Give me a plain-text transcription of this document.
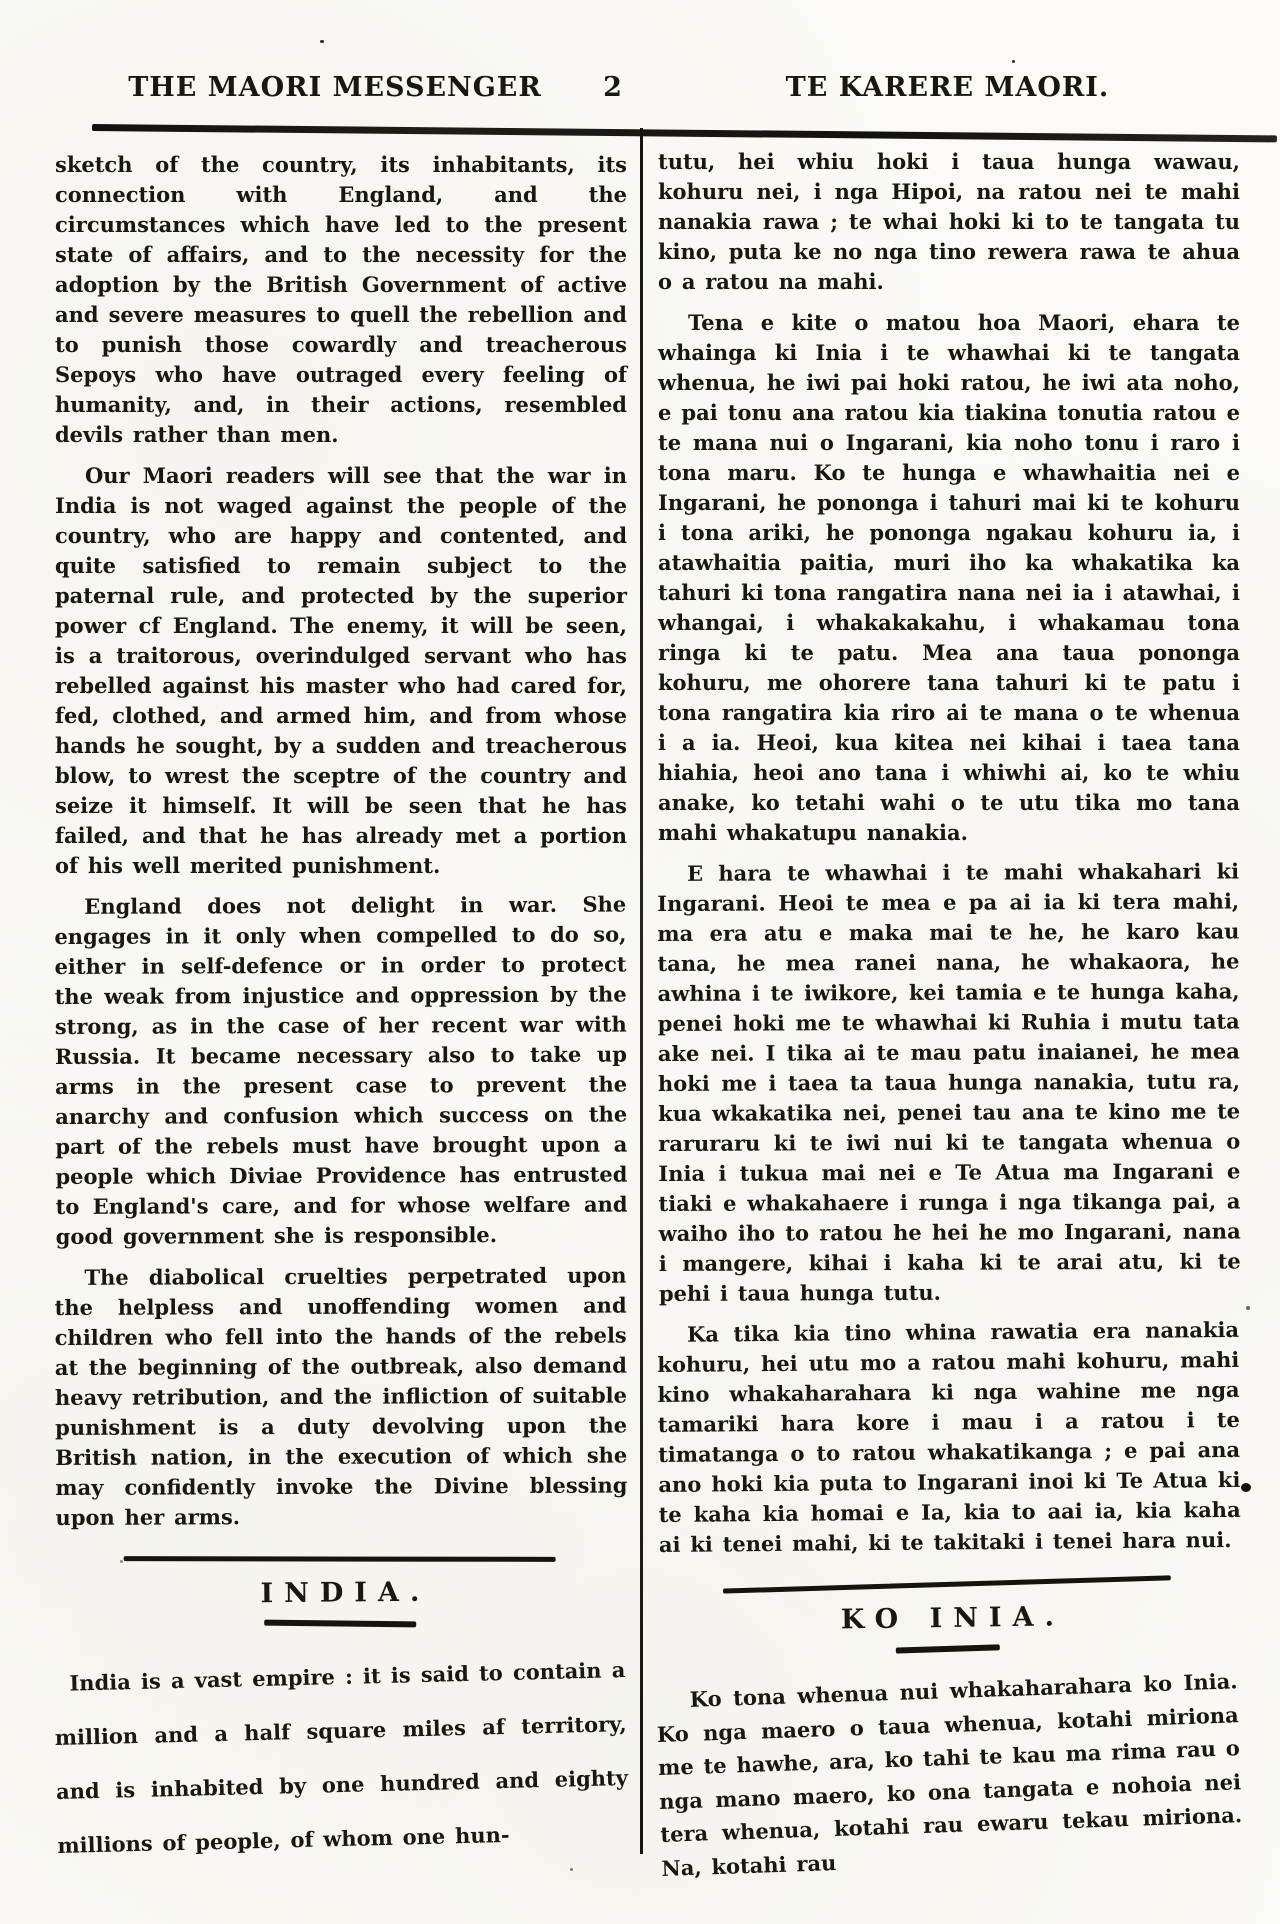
THE MAORI MESSENGER	2	TE KARERE MAORI.

sketch of the country, its inhabitants, its connection with England, and the circumstances which have led to the present state of affairs, and to the necessity for the adoption by the British Government of active and severe measures to quell the rebellion and to punish those cowardly and treacherous Sepoys who have outraged every feeling of humanity, and, in their actions, resembled devils rather than men.

Our Maori readers will see that the war in India is not waged against the people of the country, who are happy and contented, and quite satisfied to remain subject to the paternal rule, and protected by the superior power cf England. The enemy, it will be seen, is a traitorous, overindulged servant who has rebelled against his master who had cared for, fed, clothed, and armed him, and from whose hands he sought, by a sudden and treacherous blow, to wrest the sceptre of the country and seize it himself. It will be seen that he has failed, and that he has already met a portion of his well merited punishment.

England does not delight in war. She engages in it only when compelled to do so, either in self-defence or in order to protect the weak from injustice and oppression by the strong, as in the case of her recent war with Russia. It became necessary also to take up arms in the present case to prevent the anarchy and confusion which success on the part of the rebels must have brought upon a people which Diviae Providence has entrusted to England's care, and for whose welfare and good government she is responsible.

The diabolical cruelties perpetrated upon the helpless and unoffending women and children who fell into the hands of the rebels at the beginning of the outbreak, also demand heavy retribution, and the infliction of suitable punishment is a duty devolving upon the British nation, in the execution of which she may confidently invoke the Divine blessing upon her arms.

INDIA.

India is a vast empire : it is said to contain a million and a half square miles af territory, and is inhabited by one hundred and eighty millions of people, of whom one hun-

tutu, hei whiu hoki i taua hunga wawau, kohuru nei, i nga Hipoi, na ratou nei te mahi nanakia rawa ; te whai hoki ki to te tangata tu kino, puta ke no nga tino rewera rawa te ahua o a ratou na mahi.

Tena e kite o matou hoa Maori, ehara te whainga ki Inia i te whawhai ki te tangata whenua, he iwi pai hoki ratou, he iwi ata noho, e pai tonu ana ratou kia tiakina tonutia ratou e te mana nui o Ingarani, kia noho tonu i raro i tona maru. Ko te hunga e whawhaitia nei e Ingarani, he pononga i tahuri mai ki te kohuru i tona ariki, he pononga ngakau kohuru ia, i atawhaitia paitia, muri iho ka whakatika ka tahuri ki tona rangatira nana nei ia i atawhai, i whangai, i whakakakahu, i whakamau tona ringa ki te patu. Mea ana taua pononga kohuru, me ohorere tana tahuri ki te patu i tona rangatira kia riro ai te mana o te whenua i a ia. Heoi, kua kitea nei kihai i taea tana hiahia, heoi ano tana i whiwhi ai, ko te whiu anake, ko tetahi wahi o te utu tika mo tana mahi whakatupu nanakia.

E hara te whawhai i te mahi whakahari ki Ingarani. Heoi te mea e pa ai ia ki tera mahi, ma era atu e maka mai te he, he karo kau tana, he mea ranei nana, he whakaora, he awhina i te iwikore, kei tamia e te hunga kaha, penei hoki me te whawhai ki Ruhia i mutu tata ake nei. I tika ai te mau patu inaianei, he mea hoki me i taea ta taua hunga nanakia, tutu ra, kua wkakatika nei, penei tau ana te kino me te raruraru ki te iwi nui ki te tangata whenua o Inia i tukua mai nei e Te Atua ma Ingarani e tiaki e whakahaere i runga i nga tikanga pai, a waiho iho to ratou he hei he mo Ingarani, nana i mangere, kihai i kaha ki te arai atu, ki te pehi i taua hunga tutu.

Ka tika kia tino whina rawatia era nanakia kohuru, hei utu mo a ratou mahi kohuru, mahi kino whakaharahara ki nga wahine me nga tamariki hara kore i mau i a ratou i te timatanga o to ratou whakatikanga ; e pai ana ano hoki kia puta to Ingarani inoi ki Te Atua ki te kaha kia homai e Ia, kia to aai ia, kia kaha ai ki tenei mahi, ki te takitaki i tenei hara nui.

KO INIA.

Ko tona whenua nui whakaharahara ko Inia. Ko nga maero o taua whenua, kotahi miriona me te hawhe, ara, ko tahi te kau ma rima rau o nga mano maero, ko ona tangata e nohoia nei tera whenua, kotahi rau ewaru tekau miriona. Na, kotahi rau
